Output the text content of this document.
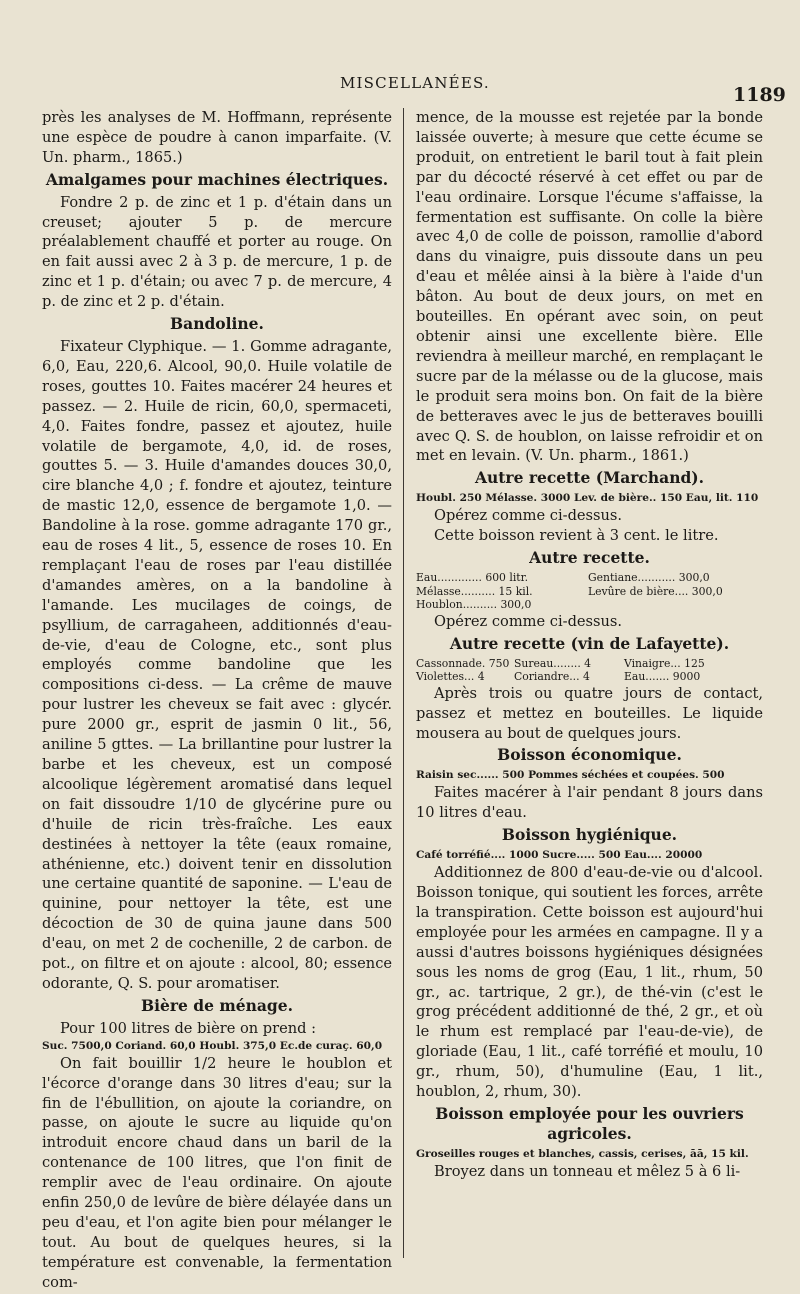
MISCELLANÉES.
1189

près les analyses de M. Hoffmann, représente une espèce de poudre à canon imparfaite. (V. Un. pharm., 1865.)

Amalgames pour machines électriques.

Fondre 2 p. de zinc et 1 p. d'étain dans un creuset; ajouter 5 p. de mercure préalablement chauffé et porter au rouge. On en fait aussi avec 2 à 3 p. de mercure, 1 p. de zinc et 1 p. d'étain; ou avec 7 p. de mercure, 4 p. de zinc et 2 p. d'étain.

Bandoline.

Fixateur Clyphique. — 1. Gomme adragante, 6,0, Eau, 220,6. Alcool, 90,0. Huile volatile de roses, gouttes 10. Faites macérer 24 heures et passez. — 2. Huile de ricin, 60,0, spermaceti, 4,0. Faites fondre, passez et ajoutez, huile volatile de bergamote, 4,0, id. de roses, gouttes 5. — 3. Huile d'amandes douces 30,0, cire blanche 4,0 ; f. fondre et ajoutez, teinture de mastic 12,0, essence de bergamote 1,0. — Bandoline à la rose. gomme adragante 170 gr., eau de roses 4 lit., 5, essence de roses 10. En remplaçant l'eau de roses par l'eau distillée d'amandes amères, on a la bandoline à l'amande. Les mucilages de coings, de psyllium, de carragaheen, additionnés d'eau-de-vie, d'eau de Cologne, etc., sont plus employés comme bandoline que les compositions ci-dess. — La crême de mauve pour lustrer les cheveux se fait avec : glycér. pure 2000 gr., esprit de jasmin 0 lit., 56, aniline 5 gttes. — La brillantine pour lustrer la barbe et les cheveux, est un composé alcoolique légèrement aromatisé dans lequel on fait dissoudre 1/10 de glycérine pure ou d'huile de ricin très-fraîche. Les eaux destinées à nettoyer la tête (eaux romaine, athénienne, etc.) doivent tenir en dissolution une certaine quantité de saponine. — L'eau de quinine, pour nettoyer la tête, est une décoction de 30 de quina jaune dans 500 d'eau, on met 2 de cochenille, 2 de carbon. de pot., on filtre et on ajoute : alcool, 80; essence odorante, Q. S. pour aromatiser.

Bière de ménage.

Pour 100 litres de bière on prend :

Suc. 7500,0 Coriand. 60,0 Houbl. 375,0 Ec.de curaç. 60,0

On fait bouillir 1/2 heure le houblon et l'écorce d'orange dans 30 litres d'eau; sur la fin de l'ébullition, on ajoute la coriandre, on passe, on ajoute le sucre au liquide qu'on introduit encore chaud dans un baril de la contenance de 100 litres, que l'on finit de remplir avec de l'eau ordinaire. On ajoute enfin 250,0 de levûre de bière délayée dans un peu d'eau, et l'on agite bien pour mélanger le tout. Au bout de quelques heures, si la température est convenable, la fermentation com-

mence, de la mousse est rejetée par la bonde laissée ouverte; à mesure que cette écume se produit, on entretient le baril tout à fait plein par du décocté réservé à cet effet ou par de l'eau ordinaire. Lorsque l'écume s'affaisse, la fermentation est suffisante. On colle la bière avec 4,0 de colle de poisson, ramollie d'abord dans du vinaigre, puis dissoute dans un peu d'eau et mêlée ainsi à la bière à l'aide d'un bâton. Au bout de deux jours, on met en bouteilles. En opérant avec soin, on peut obtenir ainsi une excellente bière. Elle reviendra à meilleur marché, en remplaçant le sucre par de la mélasse ou de la glucose, mais le produit sera moins bon. On fait de la bière de betteraves avec le jus de betteraves bouilli avec Q. S. de houblon, on laisse refroidir et on met en levain. (V. Un. pharm., 1861.)

Autre recette (Marchand).
Houbl. 250 Mélasse. 3000 Lev. de bière.. 150 Eau, lit. 110

Opérez comme ci-dessus.

Cette boisson revient à 3 cent. le litre.

Autre recette.
Eau............. 600 litr.	Gentiane........... 300,0
Mélasse.......... 15 kil.	Levûre de bière.... 300,0
Houblon.......... 300,0

Opérez comme ci-dessus.

Autre recette (vin de Lafayette).
Cassonnade. 750 Sureau........ 4	Vinaigre... 125
Violettes... 4	Coriandre... 4	Eau....... 9000

Après trois ou quatre jours de contact, passez et mettez en bouteilles. Le liquide mousera au bout de quelques jours.

Boisson économique.
Raisin sec...... 500 Pommes séchées et coupées. 500

Faites macérer à l'air pendant 8 jours dans 10 litres d'eau.

Boisson hygiénique.
Café torréfié.... 1000 Sucre..... 500 Eau.... 20000

Additionnez de 800 d'eau-de-vie ou d'alcool. Boisson tonique, qui soutient les forces, arrête la transpiration. Cette boisson est aujourd'hui employée pour les armées en campagne. Il y a aussi d'autres boissons hygiéniques désignées sous les noms de grog (Eau, 1 lit., rhum, 50 gr., ac. tartrique, 2 gr.), de thé-vin (c'est le grog précédent additionné de thé, 2 gr., et où le rhum est remplacé par l'eau-de-vie), de gloriade (Eau, 1 lit., café torréfié et moulu, 10 gr., rhum, 50), d'humuline (Eau, 1 lit., houblon, 2, rhum, 30).

Boisson employée pour les ouvriers
agricoles.
Groseilles rouges et blanches, cassis, cerises, āā, 15 kil.

Broyez dans un tonneau et mêlez 5 à 6 li-
